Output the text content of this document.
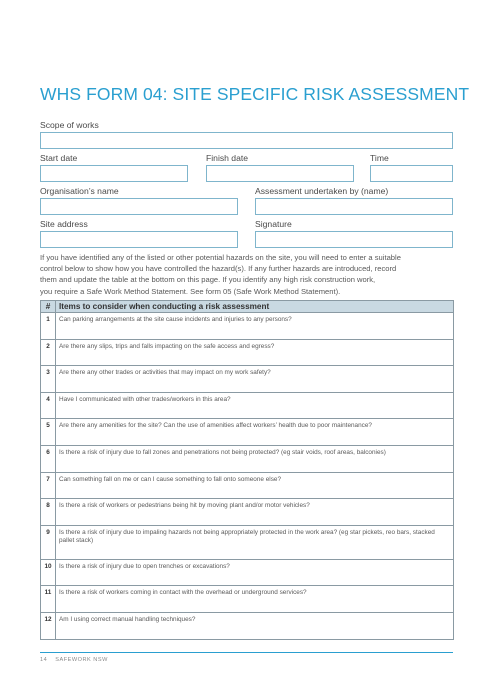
WHS FORM 04: SITE SPECIFIC RISK ASSESSMENT
Scope of works
Start date	Finish date	Time
Organisation’s name	Assessment undertaken by (name)
Site address	Signature

If you have identified any of the listed or other potential hazards on the site, you will need to enter a suitable

control below to show how you have controlled the hazard(s). If any further hazards are introduced, record

them and update the table at the bottom on this page. If you identify any high risk construction work,

you require a Safe Work Method Statement. See form 05 (Safe Work Method Statement).

#	Items to consider when conducting a risk assessment
1	Can parking arrangements at the site cause incidents and injuries to any persons?
2	Are there any slips, trips and falls impacting on the safe access and egress?
3	Are there any other trades or activities that may impact on my work safety?
4	Have I communicated with other trades/workers in this area?
5	Are there any amenities for the site? Can the use of amenities affect workers’ health due to poor maintenance?
6	Is there a risk of injury due to fall zones and penetrations not being protected? (eg stair voids, roof areas, balconies)
7	Can something fall on me or can I cause something to fall onto someone else?
8	Is there a risk of workers or pedestrians being hit by moving plant and/or motor vehicles?
9	Is there a risk of injury due to impaling hazards not being appropriately protected in the work area? (eg star pickets, reo bars, stacked pallet stack)
10	Is there a risk of injury due to open trenches or excavations?
11	Is there a risk of workers coming in contact with the overhead or underground services?
12	Am I using correct manual handling techniques?
14 SAFEWORK NSW
